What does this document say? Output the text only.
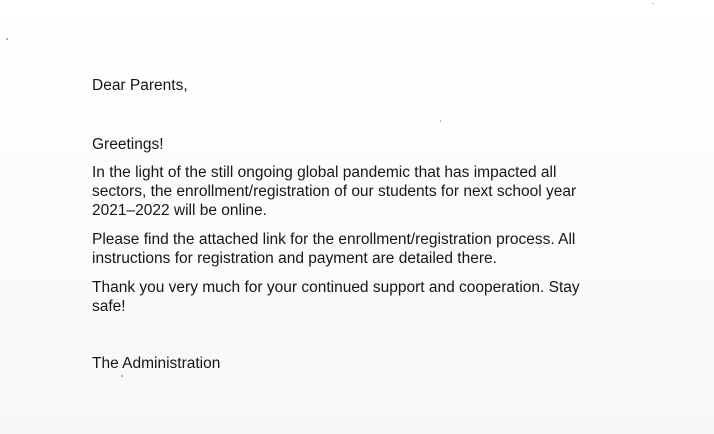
Dear Parents,
Greetings!
In the light of the still ongoing global pandemic that has impacted all
sectors, the enrollment/registration of our students for next school year
2021–2022 will be online.
Please find the attached link for the enrollment/registration process. All
instructions for registration and payment are detailed there.
Thank you very much for your continued support and cooperation. Stay
safe!
The Administration
